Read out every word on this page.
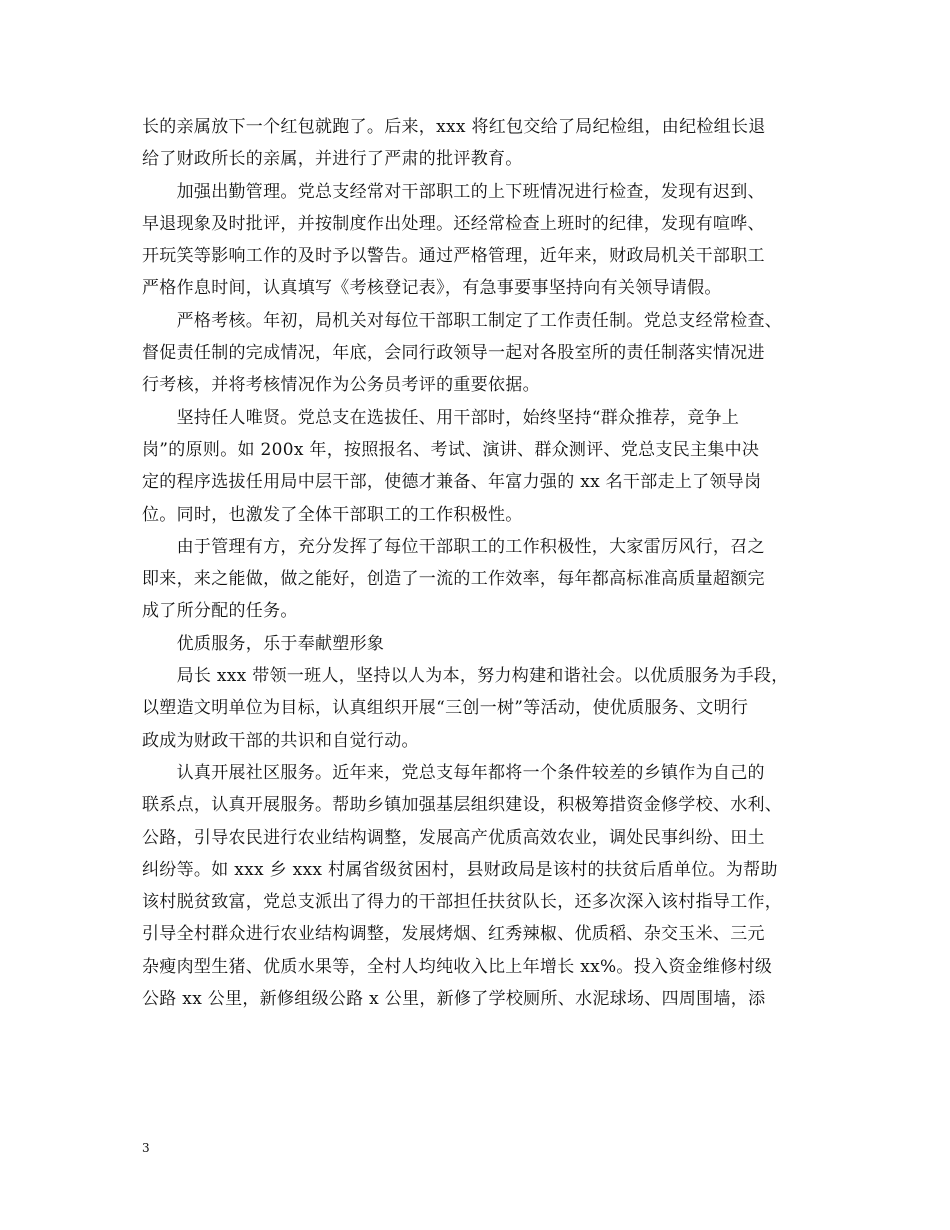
长的亲属放下一个红包就跑了。后来，xxx 将红包交给了局纪检组，由纪检组长退
给了财政所长的亲属，并进行了严肃的批评教育。
　　加强出勤管理。党总支经常对干部职工的上下班情况进行检查，发现有迟到、
早退现象及时批评，并按制度作出处理。还经常检查上班时的纪律，发现有喧哗、
开玩笑等影响工作的及时予以警告。通过严格管理，近年来，财政局机关干部职工
严格作息时间，认真填写《考核登记表》，有急事要事坚持向有关领导请假。
　　严格考核。年初，局机关对每位干部职工制定了工作责任制。党总支经常检查、
督促责任制的完成情况，年底，会同行政领导一起对各股室所的责任制落实情况进
行考核，并将考核情况作为公务员考评的重要依据。
　　坚持任人唯贤。党总支在选拔任、用干部时，始终坚持“群众推荐，竞争上
岗”的原则。如 200x 年，按照报名、考试、演讲、群众测评、党总支民主集中决
定的程序选拔任用局中层干部，使德才兼备、年富力强的 xx 名干部走上了领导岗
位。同时，也激发了全体干部职工的工作积极性。
　　由于管理有方，充分发挥了每位干部职工的工作积极性，大家雷厉风行，召之
即来，来之能做，做之能好，创造了一流的工作效率，每年都高标准高质量超额完
成了所分配的任务。
　　优质服务，乐于奉献塑形象
　　局长 xxx 带领一班人，坚持以人为本，努力构建和谐社会。以优质服务为手段，
以塑造文明单位为目标，认真组织开展“三创一树”等活动，使优质服务、文明行
政成为财政干部的共识和自觉行动。
　　认真开展社区服务。近年来，党总支每年都将一个条件较差的乡镇作为自己的
联系点，认真开展服务。帮助乡镇加强基层组织建设，积极筹措资金修学校、水利、
公路，引导农民进行农业结构调整，发展高产优质高效农业，调处民事纠纷、田土
纠纷等。如 xxx 乡 xxx 村属省级贫困村，县财政局是该村的扶贫后盾单位。为帮助
该村脱贫致富，党总支派出了得力的干部担任扶贫队长，还多次深入该村指导工作，
引导全村群众进行农业结构调整，发展烤烟、红秀辣椒、优质稻、杂交玉米、三元
杂瘦肉型生猪、优质水果等，全村人均纯收入比上年增长 xx%。投入资金维修村级
公路 xx 公里，新修组级公路 x 公里，新修了学校厕所、水泥球场、四周围墙，添
3
